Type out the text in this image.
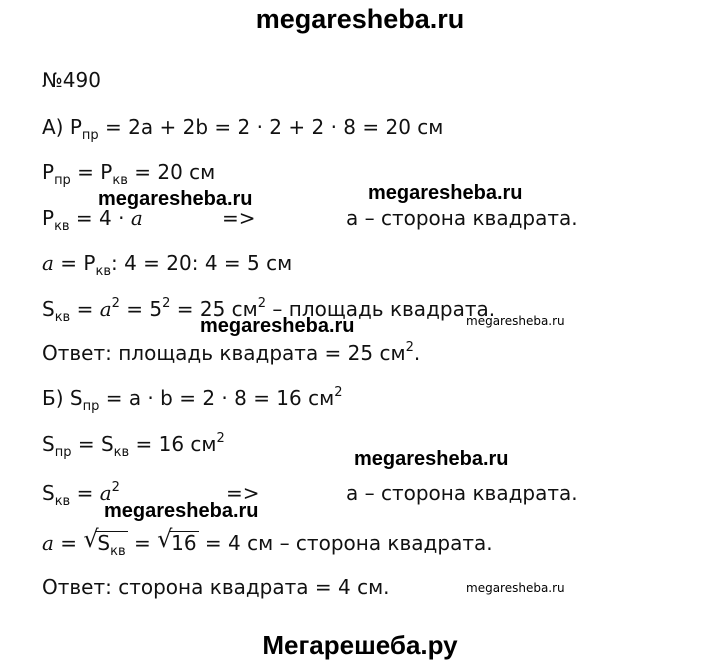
megaresheba.ru
№490
А) $P_{пр} = 2a + 2b = 2 \cdot 2 + 2 \cdot 8 = 20$ см
$P_{пр} = P_{кв} = 20$ см
megaresheba.ru	megaresheba.ru
$P_{кв} = 4 \cdot a$	=>	a – сторона квадрата.
$a = P_{кв}$: 4 = 20: 4 = 5 см
$S_{кв} = a^2 = 5^2 = 25$ $см^2$ – площадь квадрата.
megaresheba.ru	megaresheba.ru
Ответ: площадь квадрата = 25 $см^2$.
Б) $S_{пр} = a \cdot b = 2 \cdot 8 = 16$ $см^2$
$S_{пр} = S_{кв} = 16$ $см^2$
megaresheba.ru
$S_{кв} = a^2$	=>	a – сторона квадрата.
megaresheba.ru
a = √
$S_{кв}$ = √
16 = 4 см – сторона квадрата.
Ответ: сторона квадрата = 4 см.	megaresheba.ru
Мегарешеба.ру
